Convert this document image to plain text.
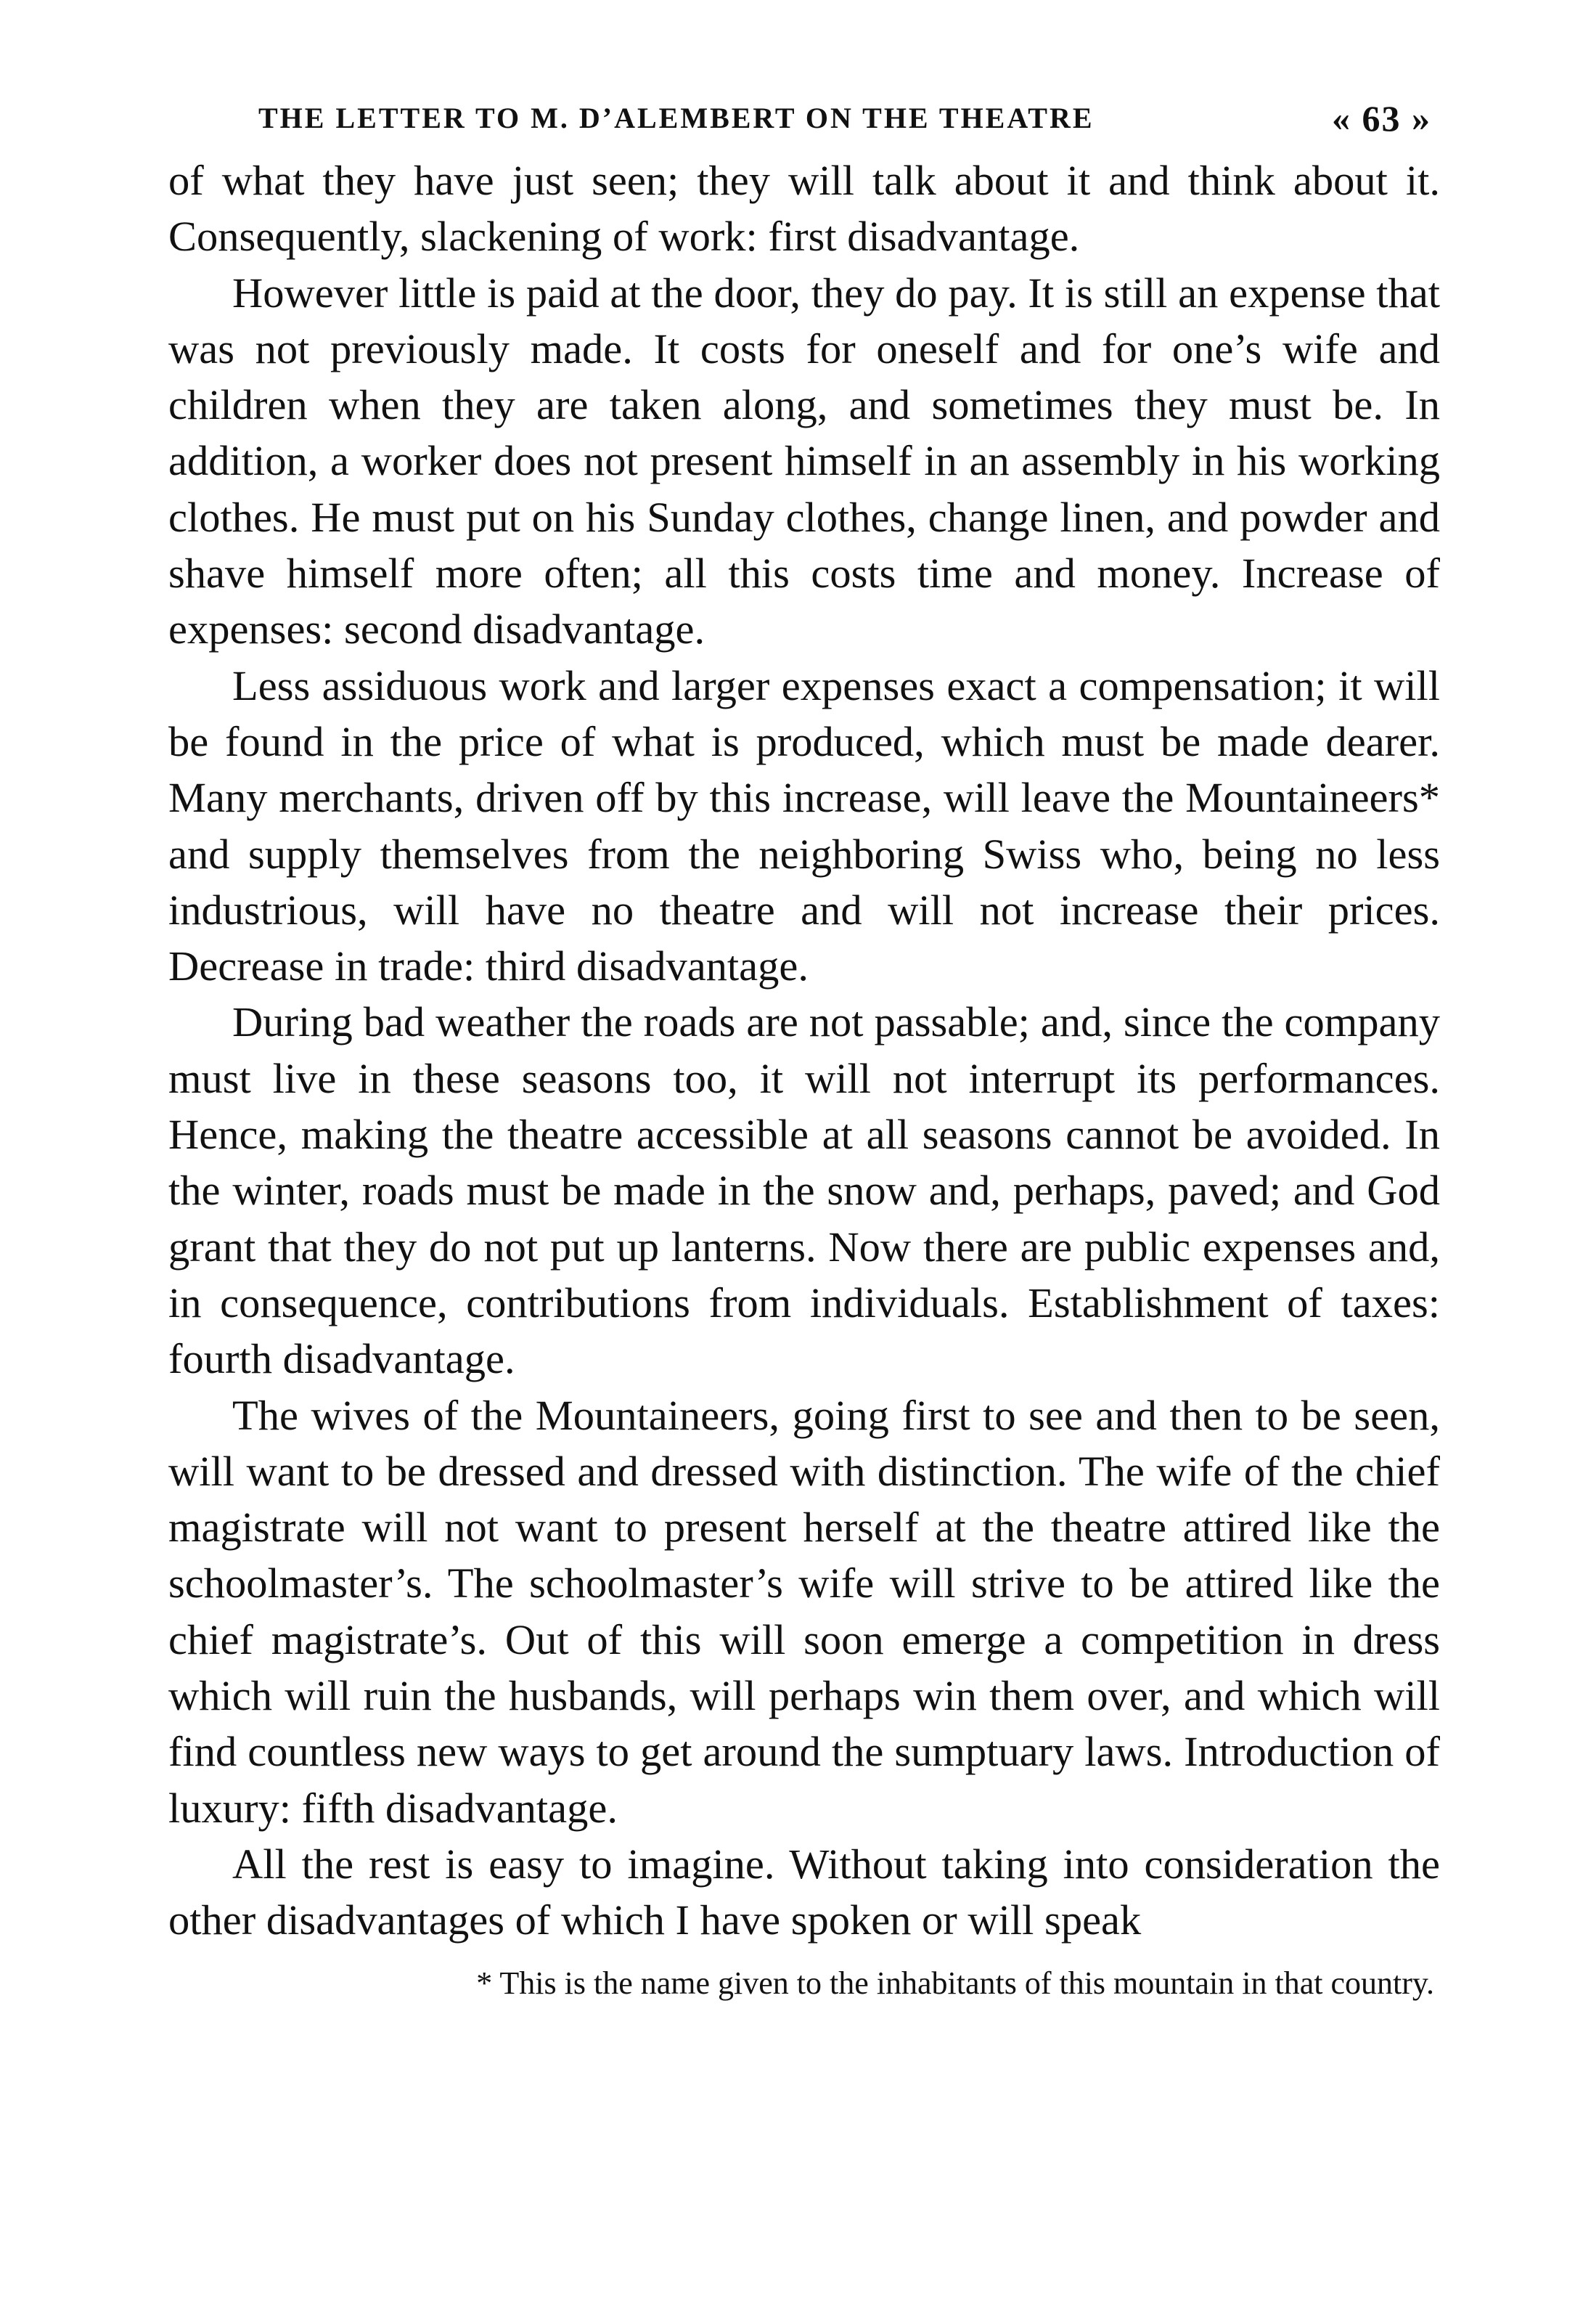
THE LETTER TO M. D’ALEMBERT ON THE THEATRE	« 63 »

of what they have just seen; they will talk about it and think about it. Consequently, slackening of work: first disadvantage.

However little is paid at the door, they do pay. It is still an expense that was not previously made. It costs for oneself and for one’s wife and children when they are taken along, and sometimes they must be. In addition, a worker does not present himself in an assembly in his working clothes. He must put on his Sunday clothes, change linen, and powder and shave himself more often; all this costs time and money. Increase of expenses: second disadvantage.

Less assiduous work and larger expenses exact a compensation; it will be found in the price of what is produced, which must be made dearer. Many merchants, driven off by this increase, will leave the Mountaineers* and supply themselves from the neighboring Swiss who, being no less industrious, will have no theatre and will not increase their prices. Decrease in trade: third disadvantage.

During bad weather the roads are not passable; and, since the company must live in these seasons too, it will not interrupt its performances. Hence, making the theatre accessible at all seasons cannot be avoided. In the winter, roads must be made in the snow and, perhaps, paved; and God grant that they do not put up lanterns. Now there are public expenses and, in consequence, contributions from individuals. Establishment of taxes: fourth disadvantage.

The wives of the Mountaineers, going first to see and then to be seen, will want to be dressed and dressed with distinction. The wife of the chief magistrate will not want to present herself at the theatre attired like the schoolmaster’s. The schoolmaster’s wife will strive to be attired like the chief magistrate’s. Out of this will soon emerge a competition in dress which will ruin the husbands, will perhaps win them over, and which will find countless new ways to get around the sumptuary laws. Introduction of luxury: fifth disadvantage.

All the rest is easy to imagine. Without taking into consideration the other disadvantages of which I have spoken or will speak

* This is the name given to the inhabitants of this mountain in that country.
